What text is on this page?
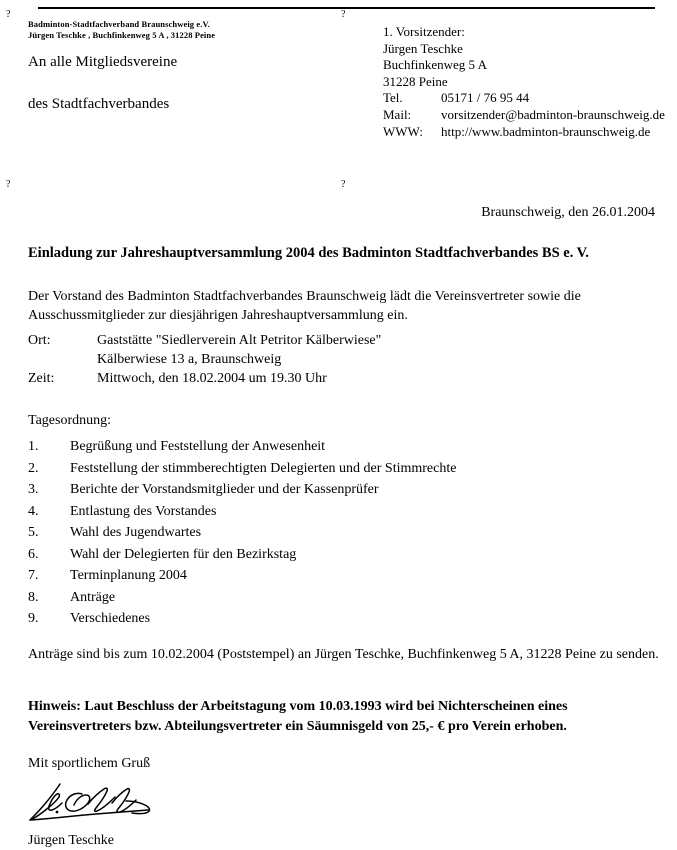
?	?
Badminton-Stadtfachverband Braunschweig e.V.
Jürgen Teschke , Buchfinkenweg 5 A , 31228 Peine
An alle Mitgliedsvereine
des Stadtfachverbandes
1. Vorsitzender:
Jürgen Teschke
Buchfinkenweg 5 A
31228 Peine
Tel.	05171 / 76 95 44
Mail: vorsitzender@badminton-braunschweig.de
WWW: http://www.badminton-braunschweig.de
?	?
Braunschweig, den 26.01.2004
Einladung zur Jahreshauptversammlung 2004 des Badminton Stadtfachverbandes BS e. V.
Der Vorstand des Badminton Stadtfachverbandes Braunschweig lädt die Vereinsvertreter sowie die Ausschussmitglieder zur diesjährigen Jahreshauptversammlung ein.
Ort:	Gaststätte "Siedlerverein Alt Petritor Kälberwiese"
Kälberwiese 13 a, Braunschweig
Zeit:	Mittwoch, den 18.02.2004 um 19.30 Uhr
Tagesordnung:
1. Begrüßung und Feststellung der Anwesenheit
2. Feststellung der stimmberechtigten Delegierten und der Stimmrechte
3. Berichte der Vorstandsmitglieder und der Kassenprüfer
4. Entlastung des Vorstandes
5. Wahl des Jugendwartes
6. Wahl der Delegierten für den Bezirkstag
7. Terminplanung 2004
8. Anträge
9. Verschiedenes
Anträge sind bis zum 10.02.2004 (Poststempel) an Jürgen Teschke, Buchfinkenweg 5 A, 31228 Peine zu senden.
Hinweis: Laut Beschluss der Arbeitstagung vom 10.03.1993 wird bei Nichterscheinen eines Vereinsvertreters bzw. Abteilungsvertreter ein Säumnisgeld von 25,- € pro Verein erhoben.
Mit sportlichem Gruß
Jürgen Teschke
